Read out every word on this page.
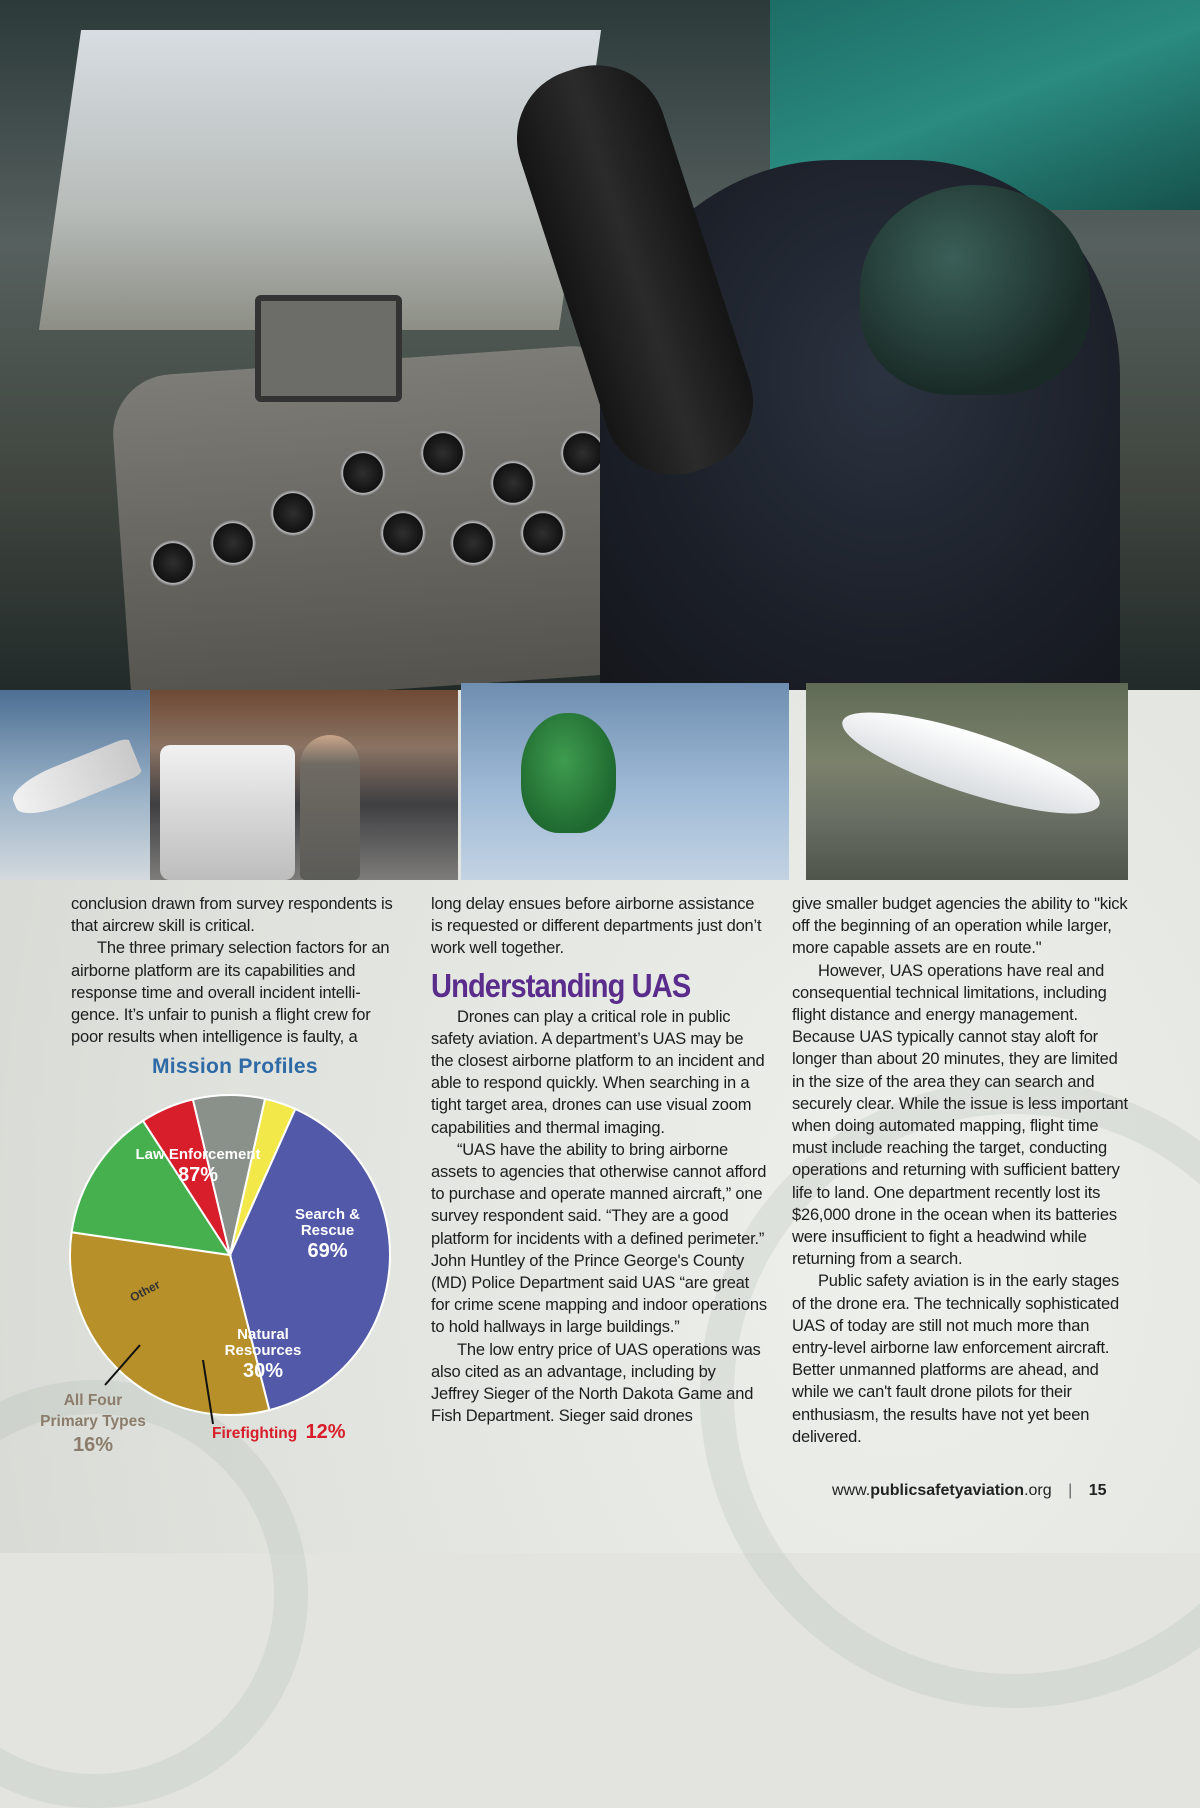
conclusion drawn from survey respondents is that aircrew skill is critical.

The three primary selection factors for an airborne platform are its capabilities and response time and overall incident intelligence. It’s unfair to punish a flight crew for poor results when intelligence is faulty, a

Mission Profiles
Law Enforcement
87%
Search &
Rescue
69%
Natural
Resources
30%
Other
All Four
Primary Types
16%
Firefighting 12%

long delay ensues before airborne assistance is requested or different departments just don’t work well together.

Understanding UAS

Drones can play a critical role in public safety aviation. A department’s UAS may be the closest airborne platform to an incident and able to respond quickly. When searching in a tight target area, drones can use visual zoom capabilities and thermal imaging.

“UAS have the ability to bring airborne assets to agencies that otherwise cannot afford to purchase and operate manned aircraft,” one survey respondent said. “They are a good platform for incidents with a defined perimeter.” John Huntley of the Prince George's County (MD) Police Department said UAS “are great for crime scene mapping and indoor operations to hold hallways in large buildings.”

The low entry price of UAS operations was also cited as an advantage, including by Jeffrey Sieger of the North Dakota Game and Fish Department. Sieger said drones

give smaller budget agencies the ability to "kick off the beginning of an operation while larger, more capable assets are en route."

However, UAS operations have real and consequential technical limitations, including flight distance and energy management. Because UAS typically cannot stay aloft for longer than about 20 minutes, they are limited in the size of the area they can search and securely clear. While the issue is less important when doing automated mapping, flight time must include reaching the target, conducting operations and returning with sufficient battery life to land. One department recently lost its $26,000 drone in the ocean when its batteries were insufficient to fight a headwind while returning from a search.

Public safety aviation is in the early stages of the drone era. The technically sophisticated UAS of today are still not much more than entry-level airborne law enforcement aircraft. Better unmanned platforms are ahead, and while we can't fault drone pilots for their enthusiasm, the results have not yet been delivered.

www.publicsafetyaviation.org | 15
